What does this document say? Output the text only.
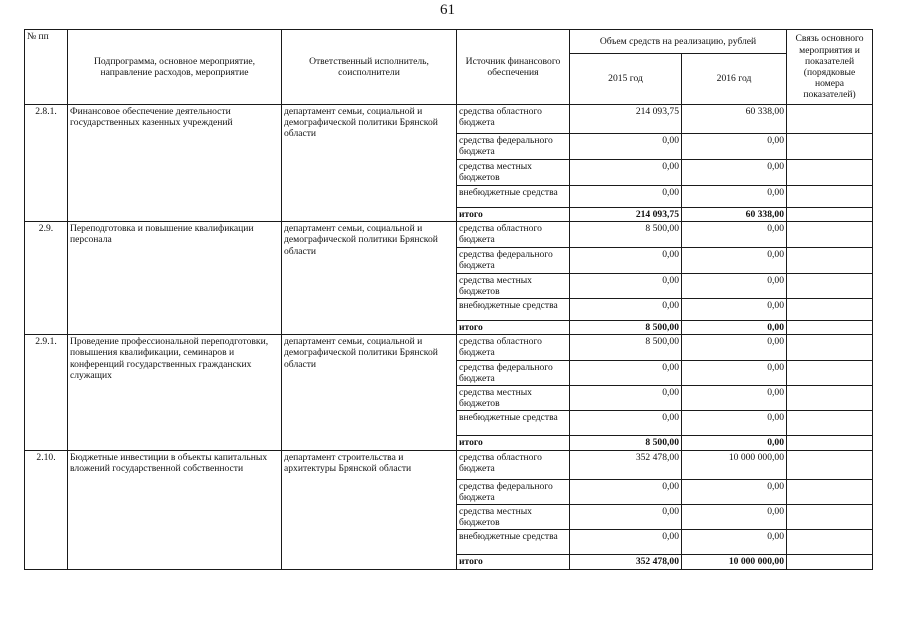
61
№ пп	Подпрограмма, основное мероприятие, направление расходов, мероприятие	Ответственный исполнитель, соисполнители	Источник финансового обеспечения	Объем средств на реализацию, рублей		Связь основного мероприятия и показателей (порядковые номера показателей)
				2015 год	2016 год	
2.8.1.	Финансовое обеспечение деятельности государственных казенных учреждений	департамент семьи, социальной и демографической политики Брянской области	средства областного бюджета	214 093,75	60 338,00	
			средства федерального бюджета	0,00	0,00	
			средства местных бюджетов	0,00	0,00	
			внебюджетные средства	0,00	0,00	
			итого	214 093,75	60 338,00	
2.9.	Переподготовка и повышение квалификации персонала	департамент семьи, социальной и демографической политики Брянской области	средства областного бюджета	8 500,00	0,00	
			средства федерального бюджета	0,00	0,00	
			средства местных бюджетов	0,00	0,00	
			внебюджетные средства	0,00	0,00	
			итого	8 500,00	0,00	
2.9.1.	Проведение профессиональной переподготовки, повышения квалификации, семинаров и конференций государственных гражданских служащих	департамент семьи, социальной и демографической политики Брянской области	средства областного бюджета	8 500,00	0,00	
			средства федерального бюджета	0,00	0,00	
			средства местных бюджетов	0,00	0,00	
			внебюджетные средства	0,00	0,00	
			итого	8 500,00	0,00	
2.10.	Бюджетные инвестиции в объекты капитальных вложений государственной собственности	департамент строительства и архитектуры Брянской области	средства областного бюджета	352 478,00	10 000 000,00	
			средства федерального бюджета	0,00	0,00	
			средства местных бюджетов	0,00	0,00	
			внебюджетные средства	0,00	0,00	
			итого	352 478,00	10 000 000,00	
